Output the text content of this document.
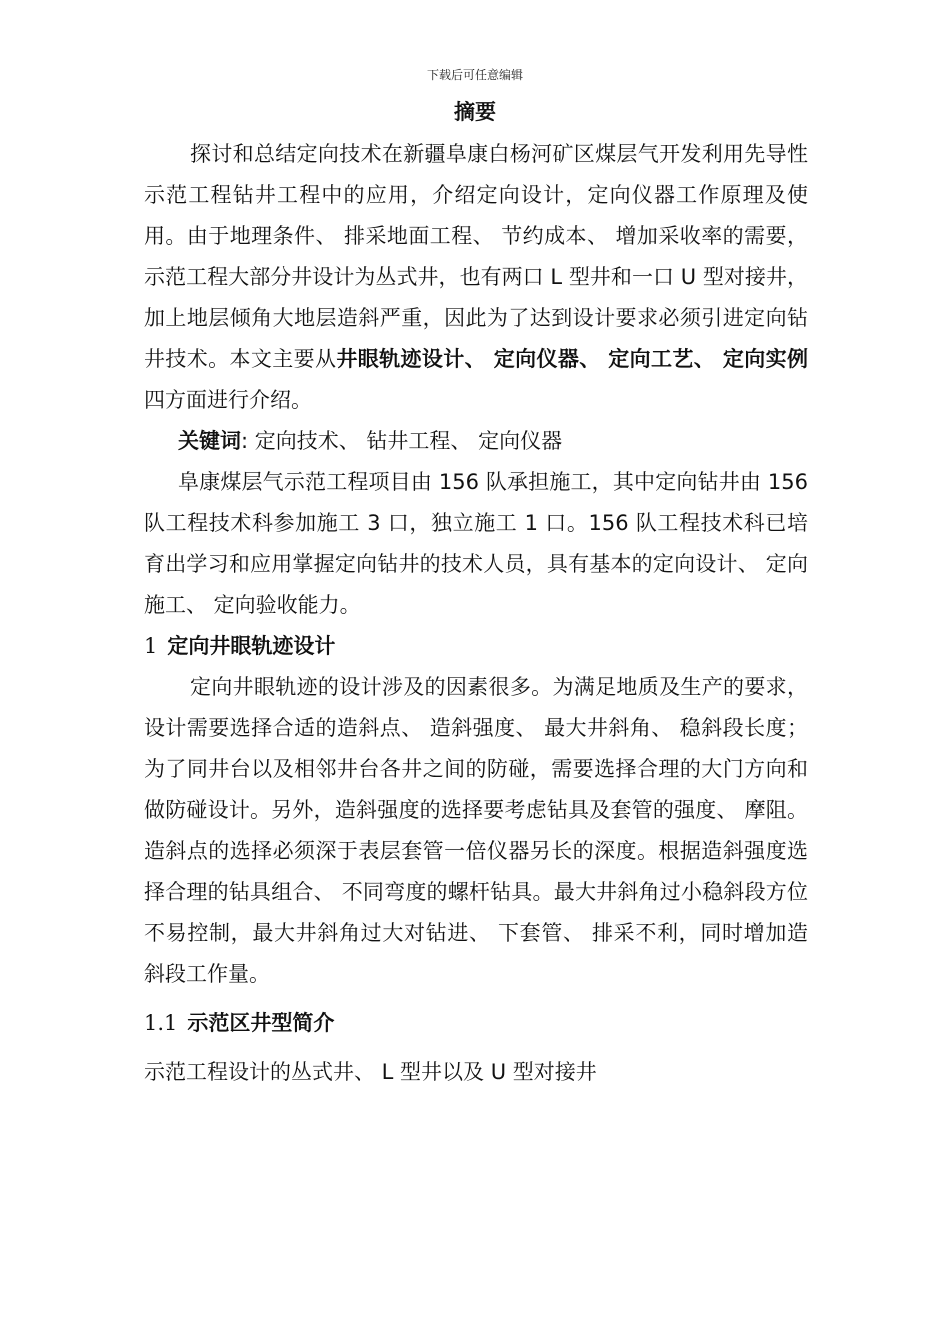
下载后可任意编辑
摘要

探讨和总结定向技术在新疆阜康白杨河矿区煤层气开发利用先导性示范工程钻井工程中的应用，介绍定向设计，定向仪器工作原理及使用。由于地理条件、 排采地面工程、 节约成本、 增加采收率的需要，示范工程大部分井设计为丛式井，也有两口 L 型井和一口 U 型对接井，加上地层倾角大地层造斜严重，因此为了达到设计要求必须引进定向钻井技术。本文主要从井眼轨迹设计、 定向仪器、 定向工艺、 定向实例四方面进行介绍。

关键词: 定向技术、 钻井工程、 定向仪器

阜康煤层气示范工程项目由 156 队承担施工，其中定向钻井由 156 队工程技术科参加施工 3 口，独立施工 1 口。156 队工程技术科已培育出学习和应用掌握定向钻井的技术人员，具有基本的定向设计、 定向施工、 定向验收能力。

1 定向井眼轨迹设计

定向井眼轨迹的设计涉及的因素很多。为满足地质及生产的要求，设计需要选择合适的造斜点、 造斜强度、 最大井斜角、 稳斜段长度；为了同井台以及相邻井台各井之间的防碰，需要选择合理的大门方向和做防碰设计。另外，造斜强度的选择要考虑钻具及套管的强度、 摩阻。造斜点的选择必须深于表层套管一倍仪器另长的深度。根据造斜强度选择合理的钻具组合、 不同弯度的螺杆钻具。最大井斜角过小稳斜段方位不易控制，最大井斜角过大对钻进、 下套管、 排采不利，同时增加造斜段工作量。

1.1 示范区井型简介

示范工程设计的丛式井、 L 型井以及 U 型对接井
